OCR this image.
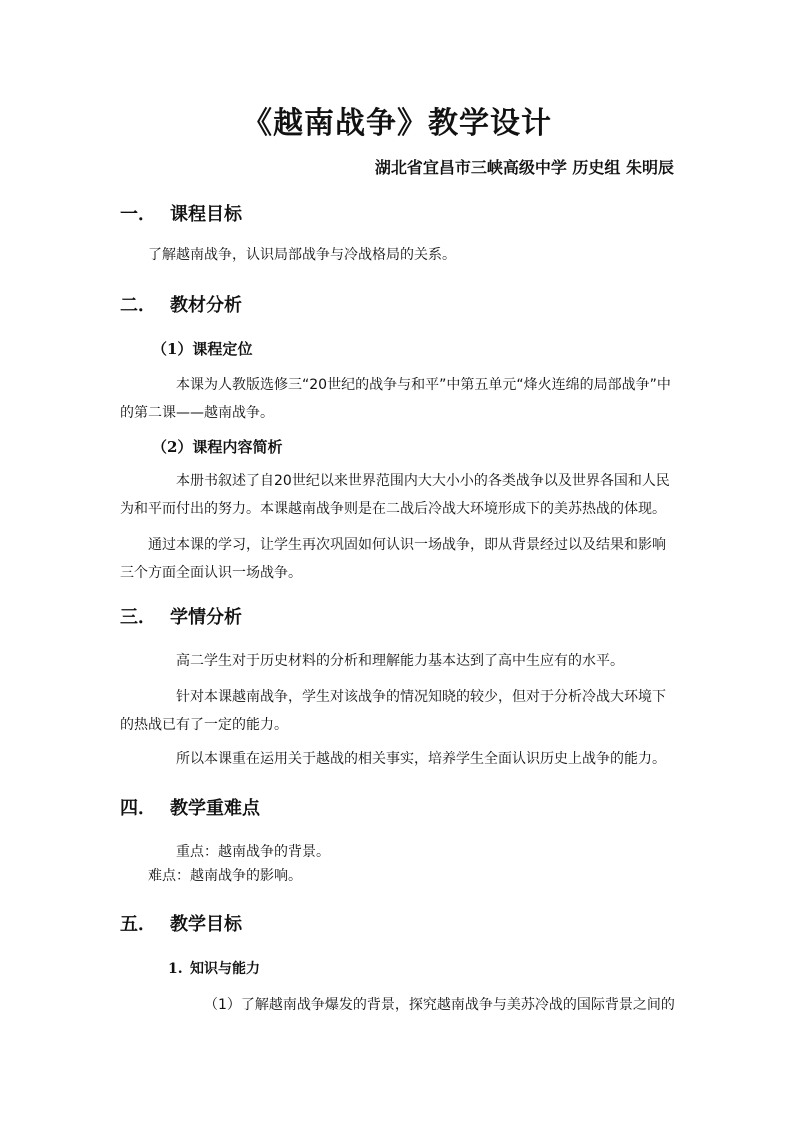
《越南战争》教学设计
湖北省宜昌市三峡高级中学 历史组 朱明辰
一． 课程目标
了解越南战争，认识局部战争与冷战格局的关系。
二． 教材分析
（1）课程定位
本课为人教版选修三“20世纪的战争与和平”中第五单元“烽火连绵的局部战争”中的第二课——越南战争。
（2）课程内容简析
本册书叙述了自20世纪以来世界范围内大大小小的各类战争以及世界各国和人民为和平而付出的努力。本课越南战争则是在二战后冷战大环境形成下的美苏热战的体现。
通过本课的学习，让学生再次巩固如何认识一场战争，即从背景经过以及结果和影响三个方面全面认识一场战争。
三． 学情分析
高二学生对于历史材料的分析和理解能力基本达到了高中生应有的水平。
针对本课越南战争，学生对该战争的情况知晓的较少，但对于分析冷战大环境下的热战已有了一定的能力。
所以本课重在运用关于越战的相关事实，培养学生全面认识历史上战争的能力。
四． 教学重难点
重点：越南战争的背景。
难点：越南战争的影响。
五． 教学目标
1. 知识与能力
（1）了解越南战争爆发的背景，探究越南战争与美苏冷战的国际背景之间的
